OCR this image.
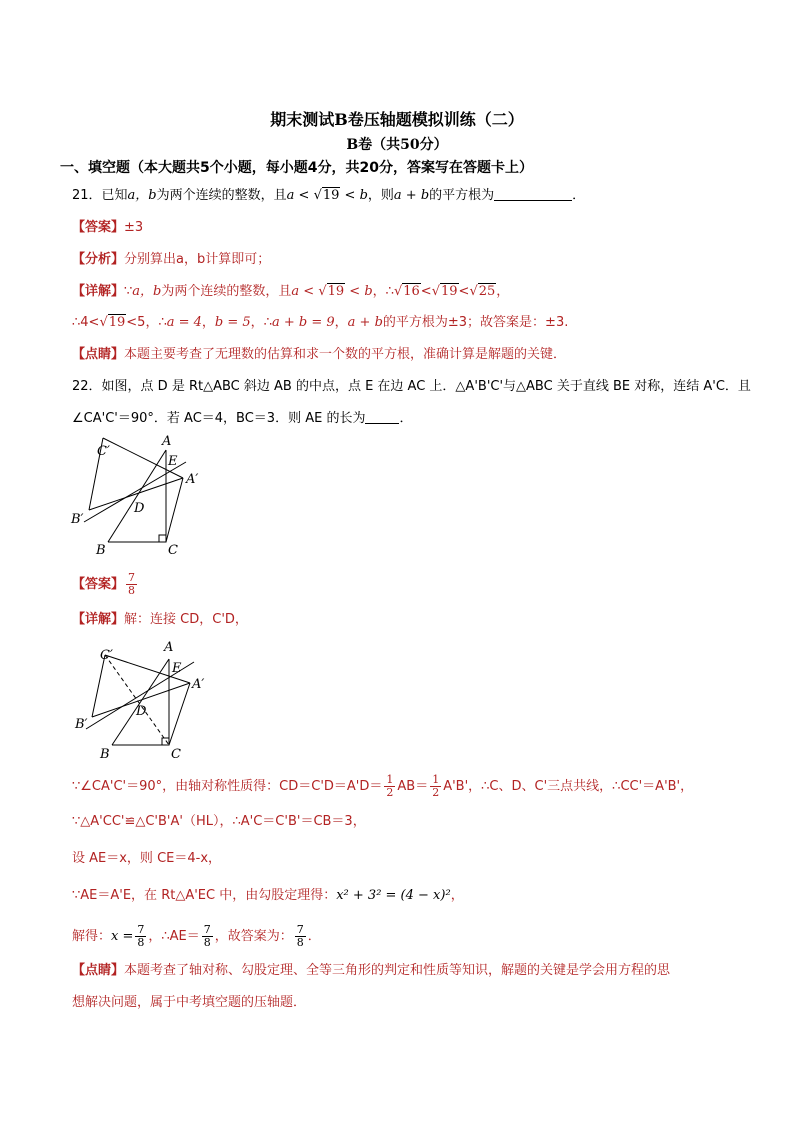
期末测试B卷压轴题模拟训练（二）
B卷（共50分）
一、填空题（本大题共5个小题，每小题4分，共20分，答案写在答题卡上）
21．已知a，b为两个连续的整数，且a < √19 < b，则a + b的平方根为	．
【答案】±3
【分析】分别算出a，b计算即可；
【详解】∵a，b为两个连续的整数，且a < √19 < b，∴√16<√19<√25，
∴4<√19<5，∴a = 4，b = 5，∴a + b = 9，a + b的平方根为±3；故答案是：±3.
【点睛】本题主要考查了无理数的估算和求一个数的平方根，准确计算是解题的关键．
22．如图，点 D 是 Rt△ABC 斜边 AB 的中点，点 E 在边 AC 上．△A'B'C'与△ABC 关于直线 BE 对称，连结 A'C．且
∠CA'C'＝90°．若 AC＝4，BC＝3．则 AE 的长为	．
C′
A
E
A′
D
B′
B	C
【答案】 $\frac{7}{8}$
【详解】解：连接 CD，C'D，
C′
A
E
A′
D
B′
B	C
∵∠CA'C'＝90°，由轴对称性质得：$CD=C'D=A'D= \frac{1}{2} AB= \frac{1}{2} A'B'$，∴C、D、C'三点共线，∴CC'＝A'B'，
∵△A'CC'≌△C'B'A'（HL），∴A'C＝C'B'＝CB＝3，
设 AE＝x，则 CE＝4-x，
∵AE＝A'E，在 Rt△A'EC 中，由勾股定理得：x² + 3² = (4 − x)²，
解得：$x = \frac{7}{8}$ ，∴AE＝ $\frac{7}{8}$ ，故答案为： $\frac{7}{8}$ ．
【点睛】本题考查了轴对称、勾股定理、全等三角形的判定和性质等知识，解题的关键是学会用方程的思
想解决问题，属于中考填空题的压轴题．
